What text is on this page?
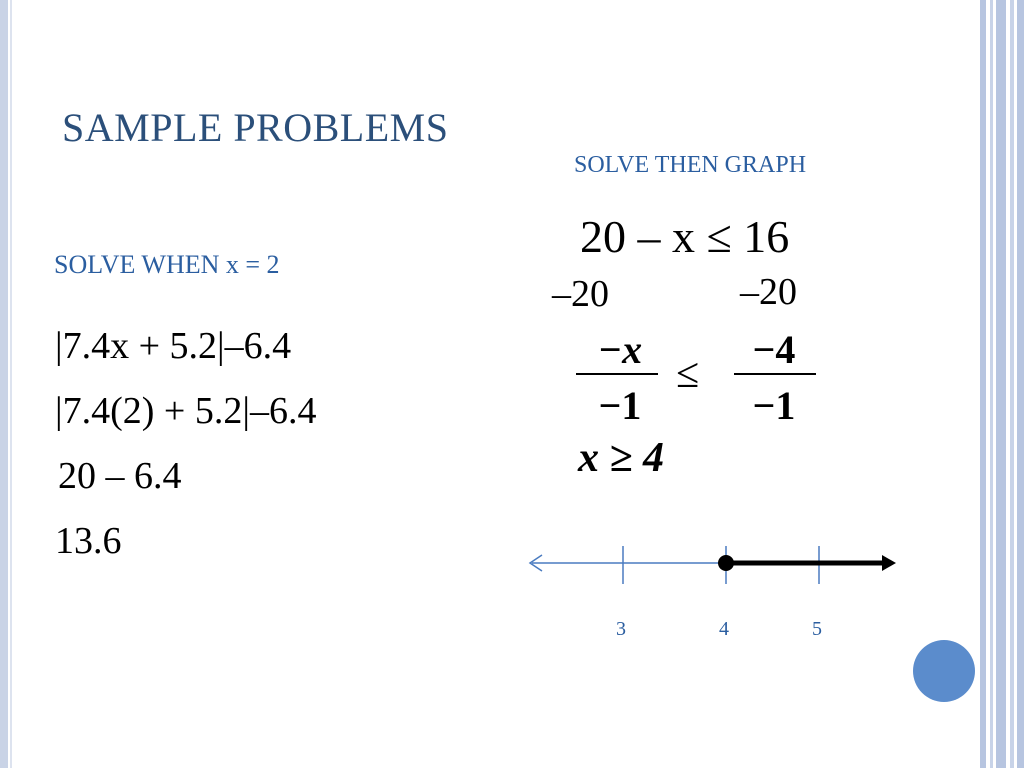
SAMPLE PROBLEMS
SOLVE WHEN x = 2
|7.4x + 5.2|–6.4
|7.4(2) + 5.2|–6.4
20 – 6.4
13.6
SOLVE THEN GRAPH
20 – x ≤ 16
–20	–20
−x
−1
≤
−4
−1
x ≥ 4
3	4	5
